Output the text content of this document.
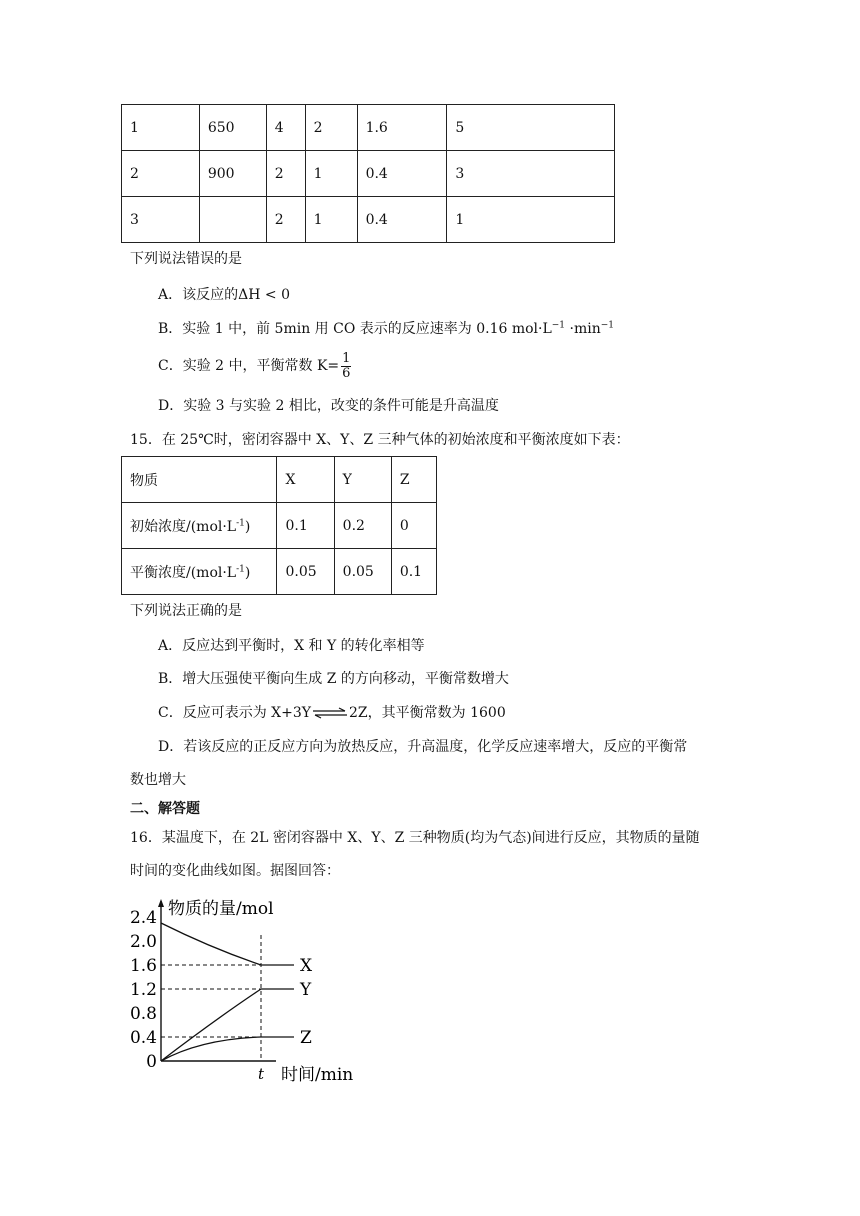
1	650	4	2	1.6	5
2	900	2	1	0.4	3
3		2	1	0.4	1
下列说法错误的是
A．该反应的ΔH < 0
B．实验 1 中，前 5min 用 CO 表示的反应速率为 0.16 $mol\cdot L^{-1} \cdot\min^{-1}$
C．实验 2 中，平衡常数 $K= \frac{1}{6}$
D．实验 3 与实验 2 相比，改变的条件可能是升高温度
15．在 25℃时，密闭容器中 X、Y、Z 三种气体的初始浓度和平衡浓度如下表：
物质	X	Y	Z
初始浓度$/(mol\cdot L^{-1})$	0.1	0.2	0
平衡浓度$/(mol\cdot L^{-1})$	0.05	0.05	0.1
下列说法正确的是
A．反应达到平衡时，X 和 Y 的转化率相等
B．增大压强使平衡向生成 Z 的方向移动，平衡常数增大
C．反应可表示为 X+3Y⇌2Z，其平衡常数为 1600
D．若该反应的正反应方向为放热反应，升高温度，化学反应速率增大，反应的平衡常
数也增大
二、解答题
16．某温度下，在 2L 密闭容器中 X、Y、Z 三种物质(均为气态)间进行反应，其物质的量随
时间的变化曲线如图。据图回答：
2.4
2.0
1.6
1.2
0.8
0.4
0
物质的量/mol
t 时间/min
X
Y
Z
